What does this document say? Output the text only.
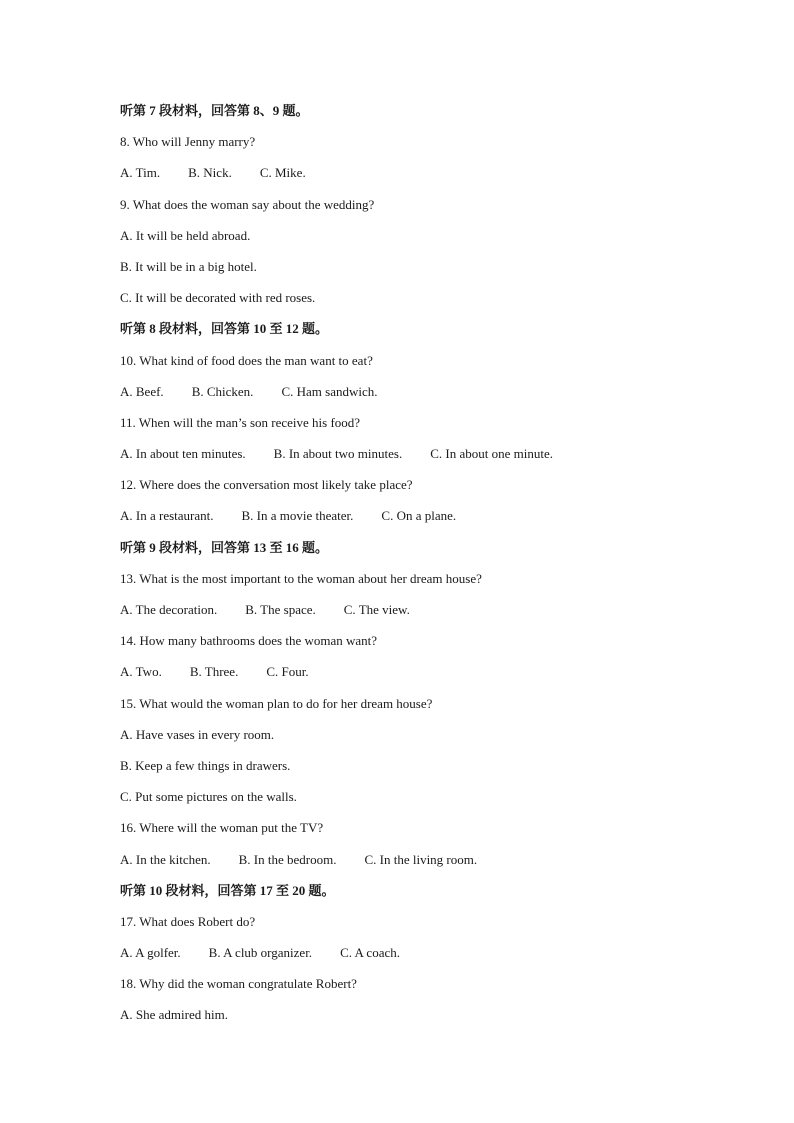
听第 7 段材料，回答第 8、9 题。
8. Who will Jenny marry?
A. Tim. B. Nick. C. Mike.
9. What does the woman say about the wedding?
A. It will be held abroad.
B. It will be in a big hotel.
C. It will be decorated with red roses.
听第 8 段材料，回答第 10 至 12 题。
10. What kind of food does the man want to eat?
A. Beef. B. Chicken. C. Ham sandwich.
11. When will the man’s son receive his food?
A. In about ten minutes. B. In about two minutes. C. In about one minute.
12. Where does the conversation most likely take place?
A. In a restaurant. B. In a movie theater. C. On a plane.
听第 9 段材料，回答第 13 至 16 题。
13. What is the most important to the woman about her dream house?
A. The decoration. B. The space. C. The view.
14. How many bathrooms does the woman want?
A. Two. B. Three. C. Four.
15. What would the woman plan to do for her dream house?
A. Have vases in every room.
B. Keep a few things in drawers.
C. Put some pictures on the walls.
16. Where will the woman put the TV?
A. In the kitchen. B. In the bedroom. C. In the living room.
听第 10 段材料，回答第 17 至 20 题。
17. What does Robert do?
A. A golfer. B. A club organizer. C. A coach.
18. Why did the woman congratulate Robert?
A. She admired him.
